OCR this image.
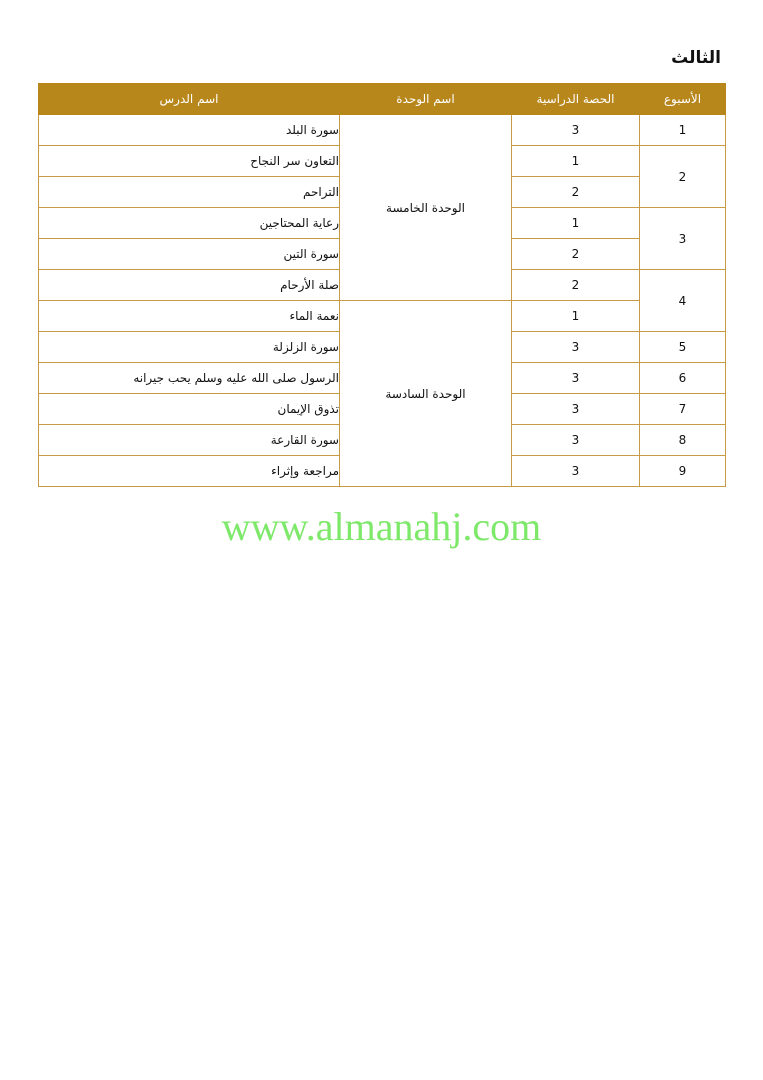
الثالث
الأسبوع	الحصة الدراسية	اسم الوحدة	اسم الدرس
1	3	الوحدة الخامسة	سورة البلد
2	1		التعاون سر النجاح
	2		التراحم
3	1		رعاية المحتاجين
	2		سورة التين
4	2		صلة الأرحام
	1	الوحدة السادسة	نعمة الماء
5	3		سورة الزلزلة
6	3		الرسول صلى الله عليه وسلم يحب جيرانه
7	3		تذوق الإيمان
8	3		سورة القارعة
9	3		مراجعة وإثراء
www.almanahj.com
